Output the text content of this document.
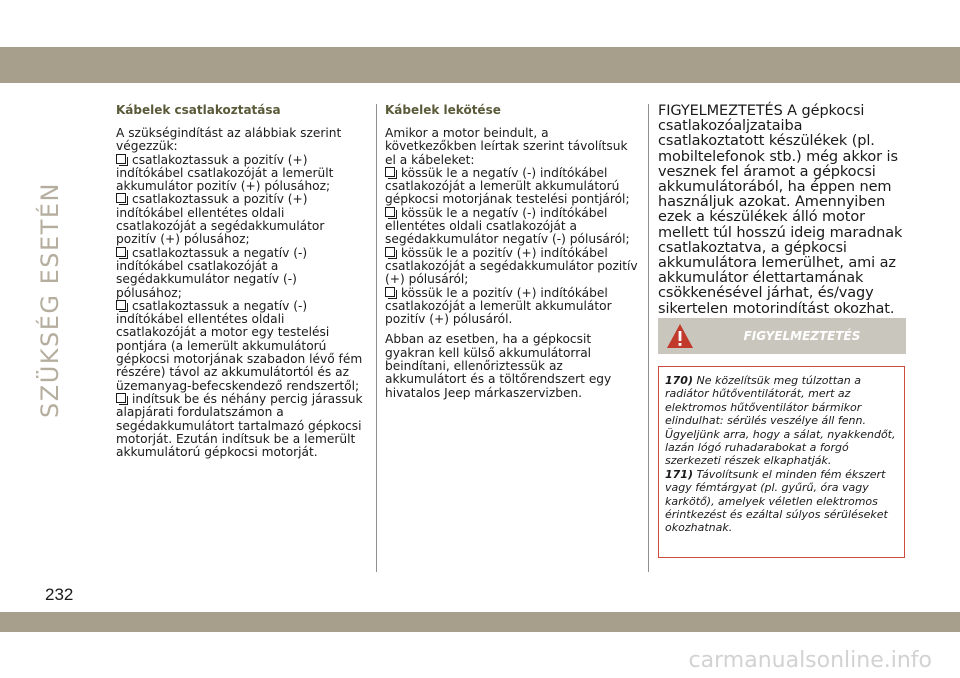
SZÜKSÉG ESETÉN
Kábelek csatlakoztatása

A szükségindítást az alábbiak szerint végezzük:

csatlakoztassuk a pozitív (+) indítókábel csatlakozóját a lemerült akkumulátor pozitív (+) pólusához;

csatlakoztassuk a pozitív (+) indítókábel ellentétes oldali csatlakozóját a segédakkumulátor pozitív (+) pólusához;

csatlakoztassuk a negatív (-) indítókábel csatlakozóját a segédakkumulátor negatív (-) pólusához;

csatlakoztassuk a negatív (-) indítókábel ellentétes oldali csatlakozóját a motor egy testelési pontjára (a lemerült akkumulátorú gépkocsi motorjának szabadon lévő fém részére) távol az akkumulátortól és az üzemanyag-befecskendező rendszertől;

indítsuk be és néhány percig járassuk alapjárati fordulatszámon a segédakkumulátort tartalmazó gépkocsi motorját. Ezután indítsuk be a lemerült akkumulátorú gépkocsi motorját.

Kábelek lekötése

Amikor a motor beindult, a következőkben leírtak szerint távolítsuk el a kábeleket:

kössük le a negatív (-) indítókábel csatlakozóját a lemerült akkumulátorú gépkocsi motorjának testelési pontjáról;

kössük le a negatív (-) indítókábel ellentétes oldali csatlakozóját a segédakkumulátor negatív (-) pólusáról;

kössük le a pozitív (+) indítókábel csatlakozóját a segédakkumulátor pozitív (+) pólusáról;

kössük le a pozitív (+) indítókábel csatlakozóját a lemerült akkumulátor pozitív (+) pólusáról.

Abban az esetben, ha a gépkocsit gyakran kell külső akkumulátorral beindítani, ellenőriztessük az akkumulátort és a töltőrendszert egy hivatalos Jeep márkaszervizben.

FIGYELMEZTETÉS A gépkocsi csatlakozóaljzataiba csatlakoztatott készülékek (pl. mobiltelefonok stb.) még akkor is vesznek fel áramot a gépkocsi akkumulátorából, ha éppen nem használjuk azokat. Amennyiben ezek a készülékek álló motor mellett túl hosszú ideig maradnak csatlakoztatva, a gépkocsi akkumulátora lemerülhet, ami az akkumulátor élettartamának csökkenésével járhat, és/vagy sikertelen motorindítást okozhat.

FIGYELMEZTETÉS

170) Ne közelítsük meg túlzottan a radiátor hűtőventilátorát, mert az elektromos hűtőventilátor bármikor elindulhat: sérülés veszélye áll fenn. Ügyeljünk arra, hogy a sálat, nyakkendőt, lazán lógó ruhadarabokat a forgó szerkezeti részek elkaphatják.

171) Távolítsunk el minden fém ékszert vagy fémtárgyat (pl. gyűrű, óra vagy karkötő), amelyek véletlen elektromos érintkezést és ezáltal súlyos sérüléseket okozhatnak.

232
carmanualsonline.info
